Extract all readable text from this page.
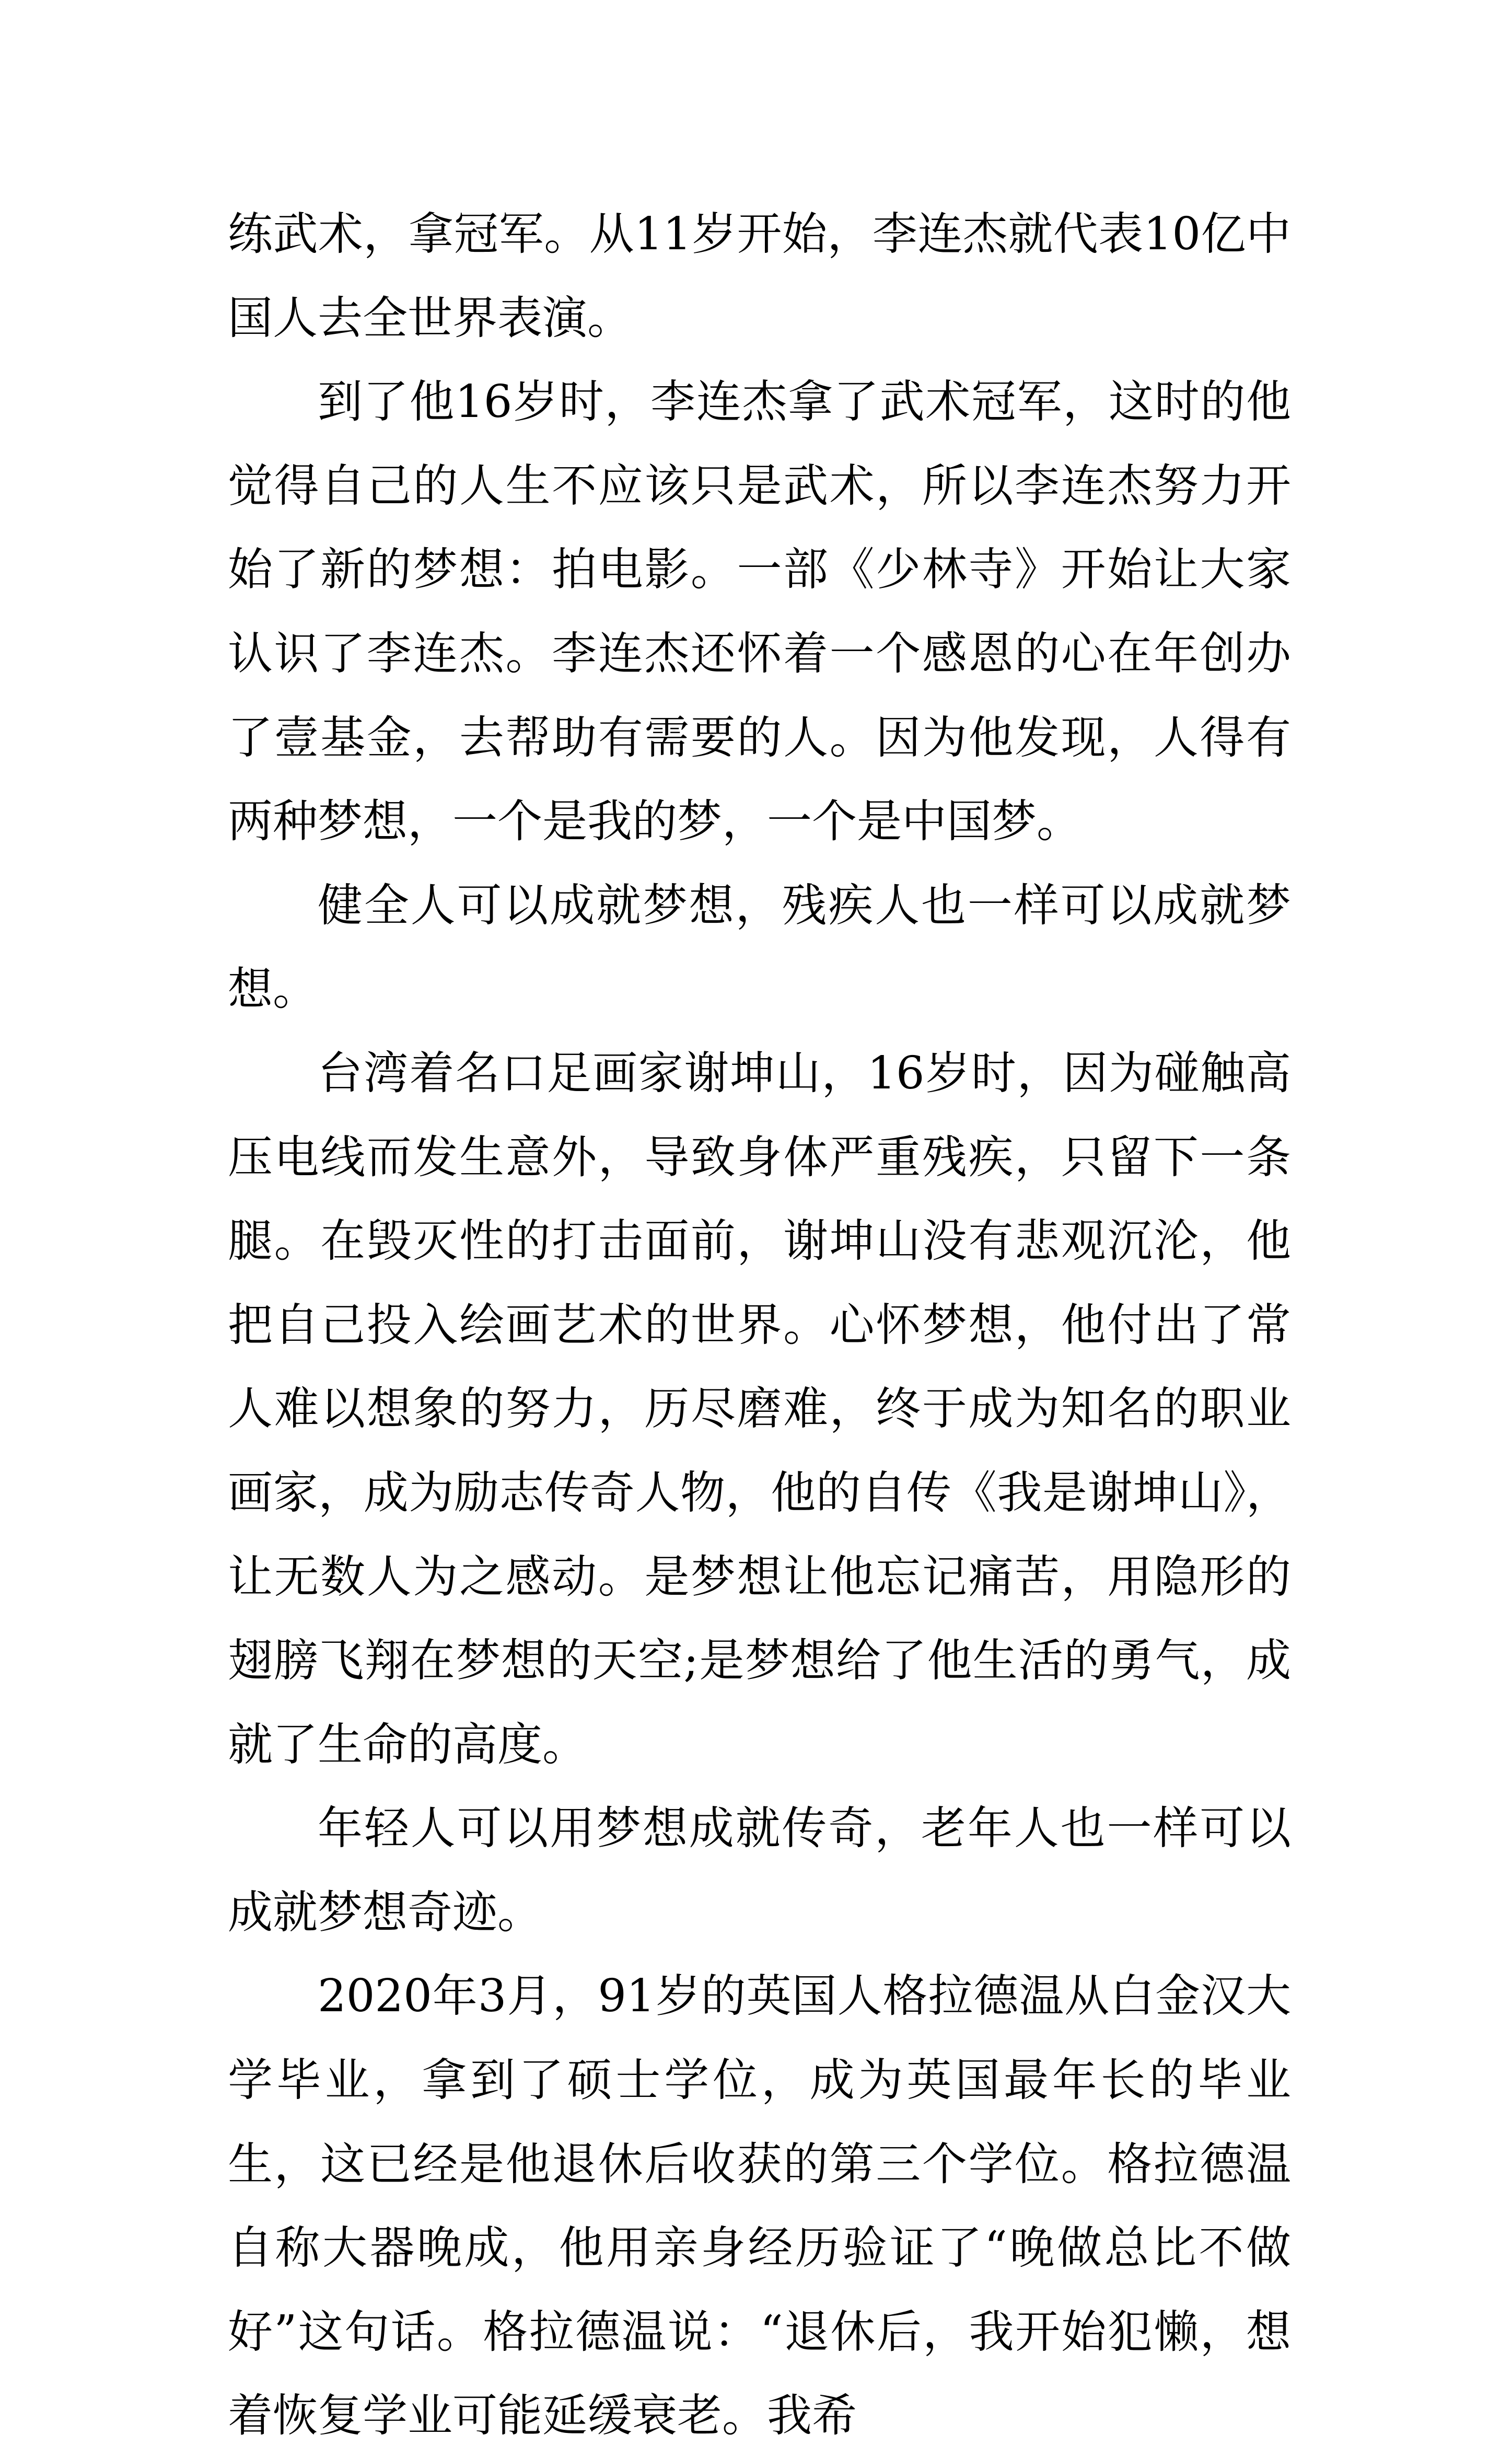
练武术，拿冠军。从11岁开始，李连杰就代表10亿中国人去全世界表演。

到了他16岁时，李连杰拿了武术冠军，这时的他觉得自己的人生不应该只是武术，所以李连杰努力开始了新的梦想：拍电影。一部《少林寺》开始让大家认识了李连杰。李连杰还怀着一个感恩的心在年创办了壹基金，去帮助有需要的人。因为他发现，人得有两种梦想，一个是我的梦，一个是中国梦。

健全人可以成就梦想，残疾人也一样可以成就梦想。

台湾着名口足画家谢坤山，16岁时，因为碰触高压电线而发生意外，导致身体严重残疾，只留下一条腿。在毁灭性的打击面前，谢坤山没有悲观沉沦，他把自己投入绘画艺术的世界。心怀梦想，他付出了常人难以想象的努力，历尽磨难，终于成为知名的职业画家，成为励志传奇人物，他的自传《我是谢坤山》，让无数人为之感动。是梦想让他忘记痛苦，用隐形的翅膀飞翔在梦想的天空;是梦想给了他生活的勇气，成就了生命的高度。

年轻人可以用梦想成就传奇，老年人也一样可以成就梦想奇迹。

2020年3月，91岁的英国人格拉德温从白金汉大学毕业，拿到了硕士学位，成为英国最年长的毕业生，这已经是他退休后收获的第三个学位。格拉德温自称大器晚成，他用亲身经历验证了“晚做总比不做好”这句话。格拉德温说：“退休后，我开始犯懒，想着恢复学业可能延缓衰老。我希
